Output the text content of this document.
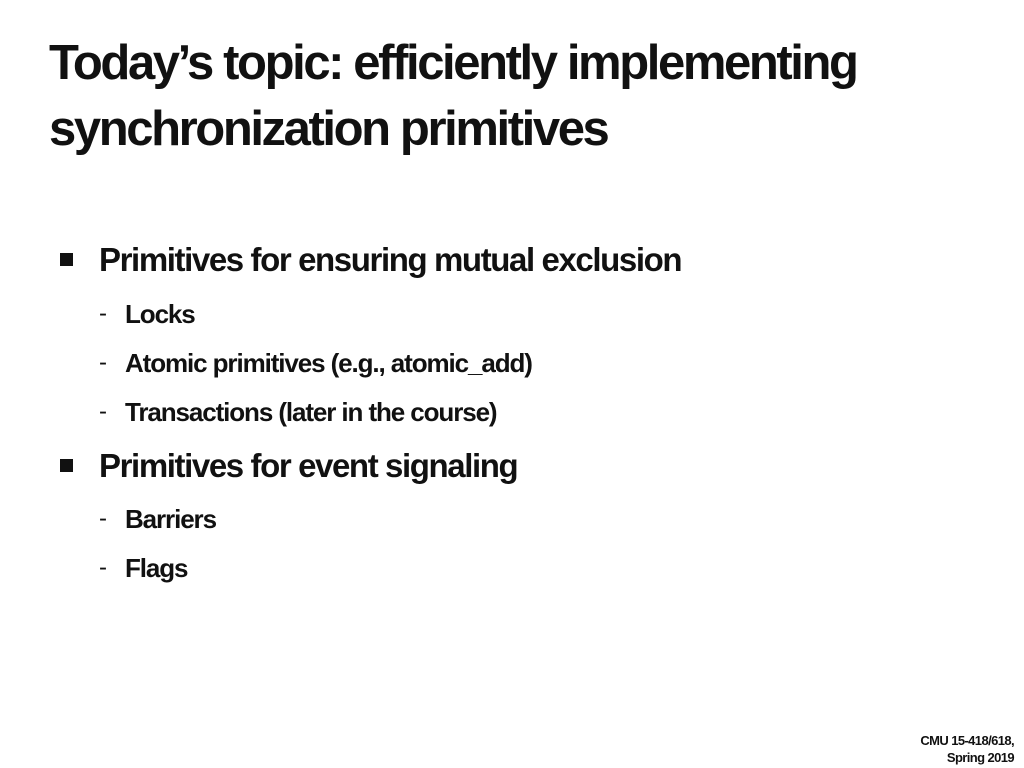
Today’s topic: efficiently implementing
synchronization primitives
Primitives for ensuring mutual exclusion
- Locks
- Atomic primitives (e.g., atomic_add)
- Transactions (later in the course)
Primitives for event signaling
- Barriers
- Flags
CMU 15-418/618,
Spring 2019
